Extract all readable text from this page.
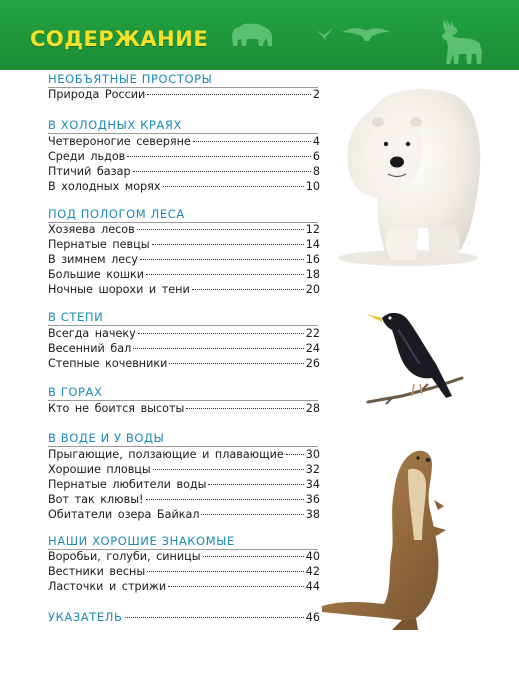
СОДЕРЖАНИЕ
НЕОБЪЯТНЫЕ ПРОСТОРЫ
Природа России	2
В ХОЛОДНЫХ КРАЯХ
Четвероногие северяне	4
Среди льдов	6
Птичий базар	8
В холодных морях	10
ПОД ПОЛОГОМ ЛЕСА
Хозяева лесов	12
Пернатые певцы	14
В зимнем лесу	16
Большие кошки	18
Ночные шорохи и тени	20
В СТЕПИ
Всегда начеку	22
Весенний бал	24
Степные кочевники	26
В ГОРАХ
Кто не боится высоты	28
В ВОДЕ И У ВОДЫ
Прыгающие, ползающие и плавающие 30
Хорошие пловцы	32
Пернатые любители воды	34
Вот так клювы!	36
Обитатели озера Байкал	38
НАШИ ХОРОШИЕ ЗНАКОМЫЕ
Воробьи, голуби, синицы	40
Вестники весны	42
Ласточки и стрижи	44
УКАЗАТЕЛЬ	46
